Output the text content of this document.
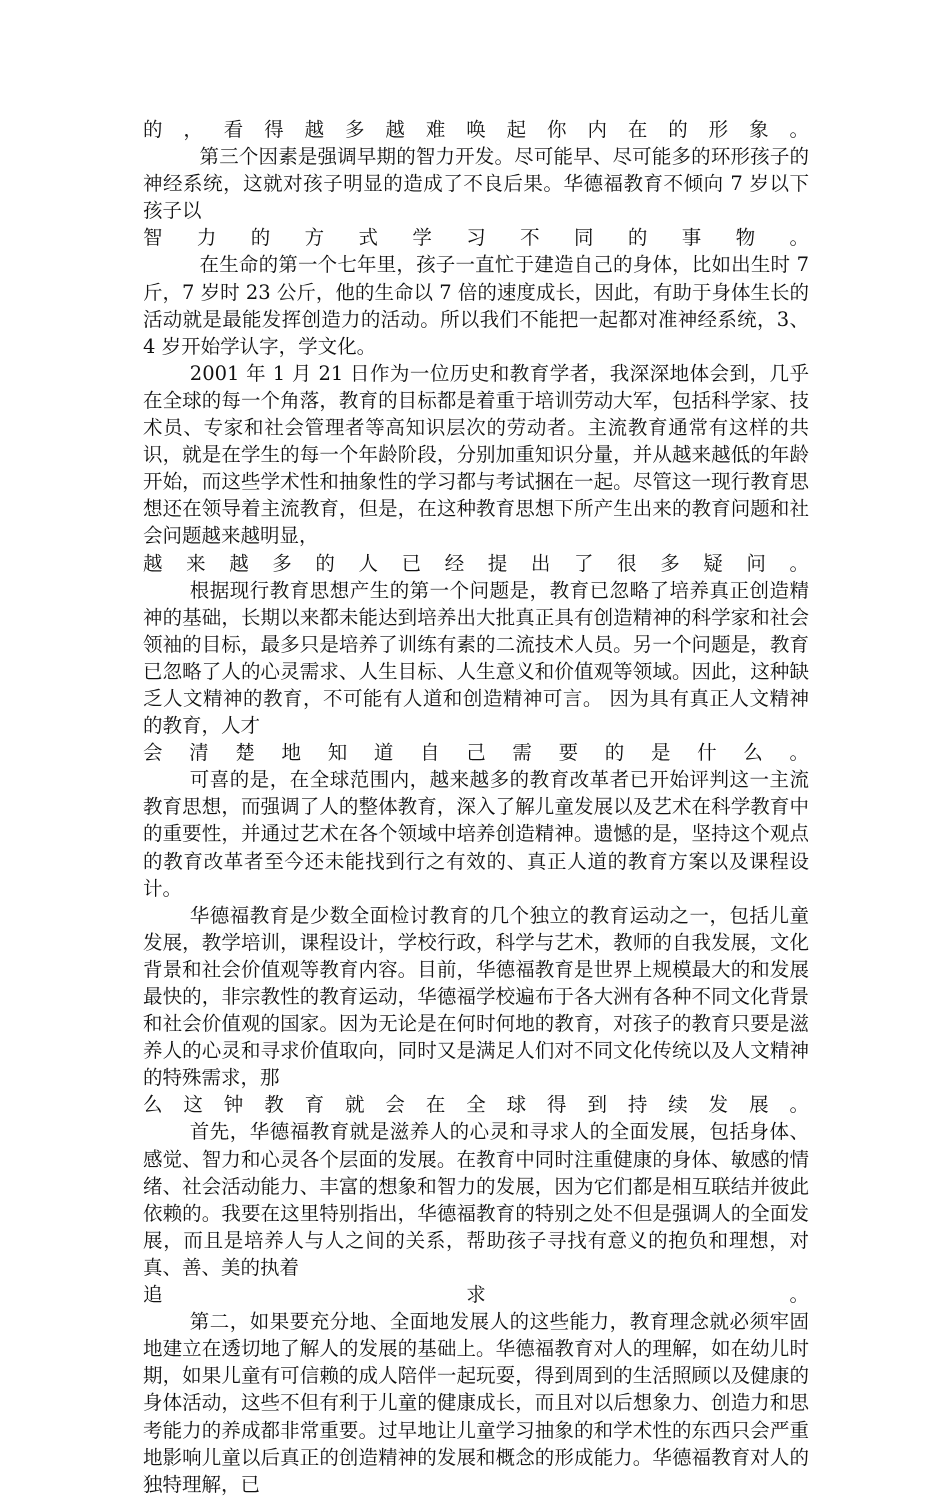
的，看得越多越难唤起你内在的形象。

第三个因素是强调早期的智力开发。尽可能早、尽可能多的环形孩子的神经系统，这就对孩子明显的造成了不良后果。华德福教育不倾向 7 岁以下孩子以

智力的方式学习不同的事物。

在生命的第一个七年里，孩子一直忙于建造自己的身体，比如出生时 7 斤，7 岁时 23 公斤，他的生命以 7 倍的速度成长，因此，有助于身体生长的活动就是最能发挥创造力的活动。所以我们不能把一起都对准神经系统，3、4 岁开始学认字，学文化。

2001 年 1 月 21 日作为一位历史和教育学者，我深深地体会到，几乎在全球的每一个角落，教育的目标都是着重于培训劳动大军，包括科学家、技术员、专家和社会管理者等高知识层次的劳动者。主流教育通常有这样的共识，就是在学生的每一个年龄阶段，分别加重知识分量，并从越来越低的年龄开始，而这些学术性和抽象性的学习都与考试捆在一起。尽管这一现行教育思想还在领导着主流教育，但是，在这种教育思想下所产生出来的教育问题和社会问题越来越明显，

越来越多的人已经提出了很多疑问。

根据现行教育思想产生的第一个问题是，教育已忽略了培养真正创造精神的基础，长期以来都未能达到培养出大批真正具有创造精神的科学家和社会领袖的目标，最多只是培养了训练有素的二流技术人员。另一个问题是，教育已忽略了人的心灵需求、人生目标、人生意义和价值观等领域。因此，这种缺乏人文精神的教育，不可能有人道和创造精神可言。 因为具有真正人文精神的教育，人才

会清楚地知道自己需要的是什么。

可喜的是，在全球范围内，越来越多的教育改革者已开始评判这一主流教育思想，而强调了人的整体教育，深入了解儿童发展以及艺术在科学教育中的重要性，并通过艺术在各个领域中培养创造精神。遗憾的是，坚持这个观点的教育改革者至今还未能找到行之有效的、真正人道的教育方案以及课程设计。

华德福教育是少数全面检讨教育的几个独立的教育运动之一，包括儿童发展，教学培训，课程设计，学校行政，科学与艺术，教师的自我发展，文化背景和社会价值观等教育内容。目前，华德福教育是世界上规模最大的和发展最快的，非宗教性的教育运动，华德福学校遍布于各大洲有各种不同文化背景和社会价值观的国家。因为无论是在何时何地的教育，对孩子的教育只要是滋养人的心灵和寻求价值取向，同时又是满足人们对不同文化传统以及人文精神的特殊需求，那

么这钟教育就会在全球得到持续发展。

首先，华德福教育就是滋养人的心灵和寻求人的全面发展，包括身体、感觉、智力和心灵各个层面的发展。在教育中同时注重健康的身体、敏感的情绪、社会活动能力、丰富的想象和智力的发展，因为它们都是相互联结并彼此依赖的。我要在这里特别指出，华德福教育的特别之处不但是强调人的全面发展，而且是培养人与人之间的关系，帮助孩子寻找有意义的抱负和理想，对真、善、美的执着

追求。

第二，如果要充分地、全面地发展人的这些能力，教育理念就必须牢固地建立在透切地了解人的发展的基础上。华德福教育对人的理解，如在幼儿时期，如果儿童有可信赖的成人陪伴一起玩耍，得到周到的生活照顾以及健康的身体活动，这些不但有利于儿童的健康成长，而且对以后想象力、创造力和思考能力的养成都非常重要。过早地让儿童学习抽象的和学术性的东西只会严重地影响儿童以后真正的创造精神的发展和概念的形成能力。华德福教育对人的独特理解，已
